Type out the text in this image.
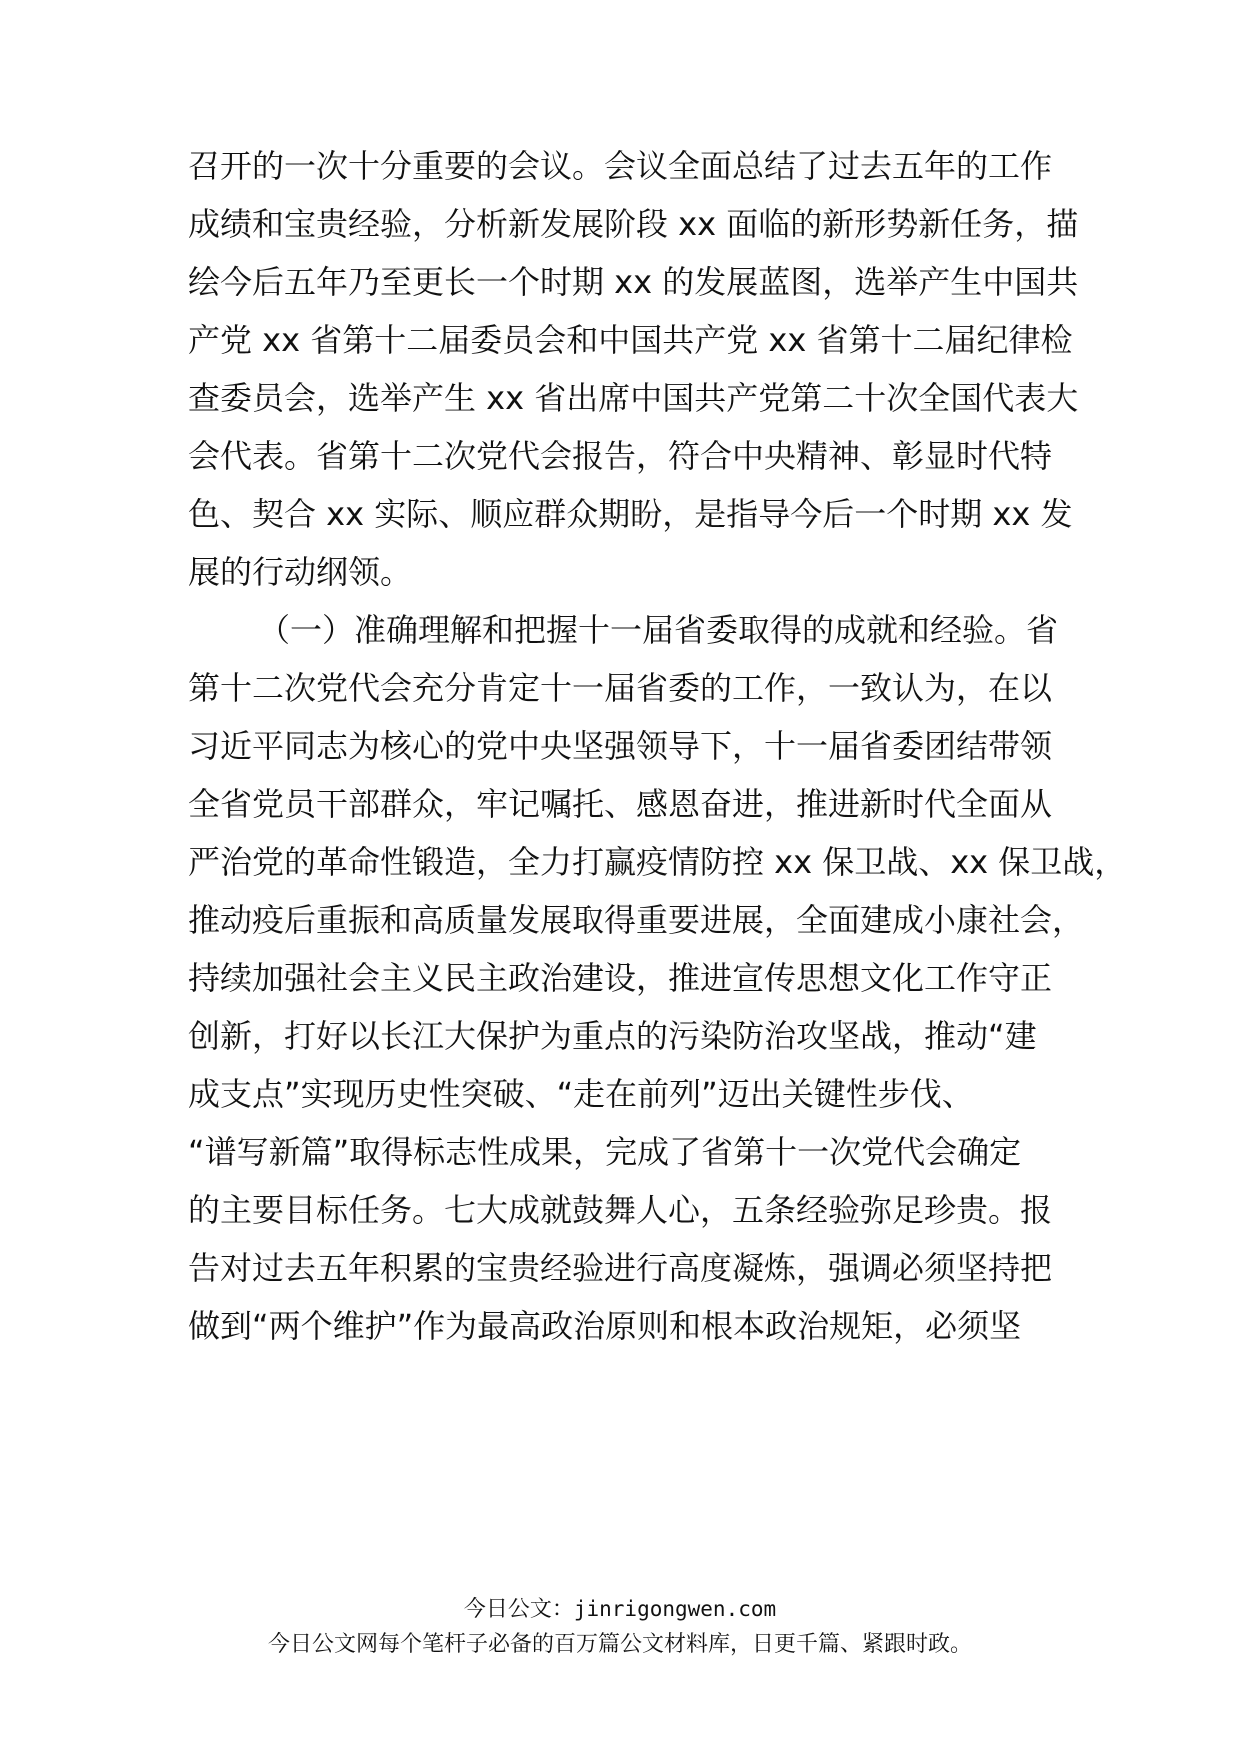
召开的一次十分重要的会议。会议全面总结了过去五年的工作
成绩和宝贵经验，分析新发展阶段 xx 面临的新形势新任务，描
绘今后五年乃至更长一个时期 xx 的发展蓝图，选举产生中国共
产党 xx 省第十二届委员会和中国共产党 xx 省第十二届纪律检
查委员会，选举产生 xx 省出席中国共产党第二十次全国代表大
会代表。省第十二次党代会报告，符合中央精神、彰显时代特
色、契合 xx 实际、顺应群众期盼，是指导今后一个时期 xx 发
展的行动纲领。
（一）准确理解和把握十一届省委取得的成就和经验。省
第十二次党代会充分肯定十一届省委的工作，一致认为，在以
习近平同志为核心的党中央坚强领导下，十一届省委团结带领
全省党员干部群众，牢记嘱托、感恩奋进，推进新时代全面从
严治党的革命性锻造，全力打赢疫情防控 xx 保卫战、xx 保卫战，
推动疫后重振和高质量发展取得重要进展，全面建成小康社会，
持续加强社会主义民主政治建设，推进宣传思想文化工作守正
创新，打好以长江大保护为重点的污染防治攻坚战，推动“建
成支点”实现历史性突破、“走在前列”迈出关键性步伐、
“谱写新篇”取得标志性成果，完成了省第十一次党代会确定
的主要目标任务。七大成就鼓舞人心，五条经验弥足珍贵。报
告对过去五年积累的宝贵经验进行高度凝炼，强调必须坚持把
做到“两个维护”作为最高政治原则和根本政治规矩，必须坚
今日公文：jinrigongwen.com
今日公文网每个笔杆子必备的百万篇公文材料库，日更千篇、紧跟时政。
